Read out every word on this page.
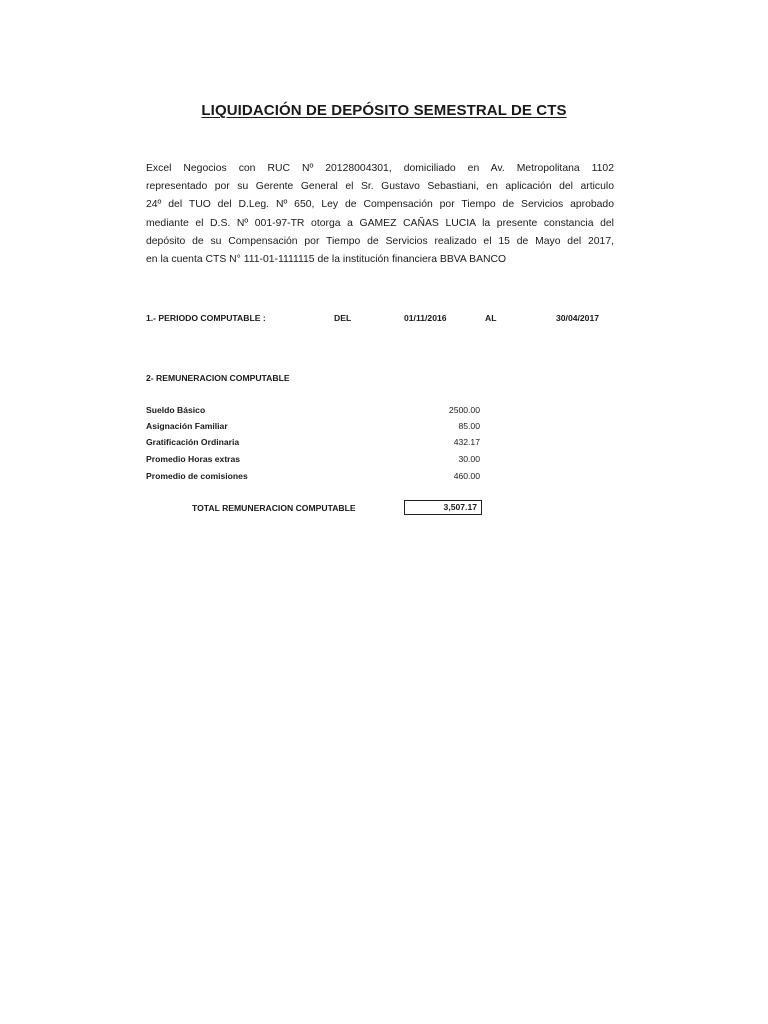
LIQUIDACIÓN DE DEPÓSITO SEMESTRAL DE CTS
Excel Negocios con RUC Nº 20128004301, domiciliado en Av. Metropolitana 1102
representado por su Gerente General el Sr. Gustavo Sebastiani, en aplicación del articulo
24º del TUO del D.Leg. Nº 650, Ley de Compensación por Tiempo de Servicios aprobado
mediante el D.S. Nº 001-97-TR otorga a GAMEZ CAÑAS LUCIA la presente constancia del
depósito de su Compensación por Tiempo de Servicios realizado el 15 de Mayo del 2017,
en la cuenta CTS N° 111-01-1111115 de la institución financiera BBVA BANCO
1.- PERIODO COMPUTABLE :	DEL	01/11/2016	AL	30/04/2017
2- REMUNERACION COMPUTABLE
Sueldo Básico	2500.00
Asignación Familiar	85.00
Gratificación Ordinaria	432.17
Promedio Horas extras	30.00
Promedio de comisiones	460.00
TOTAL REMUNERACION COMPUTABLE	3,507.17
